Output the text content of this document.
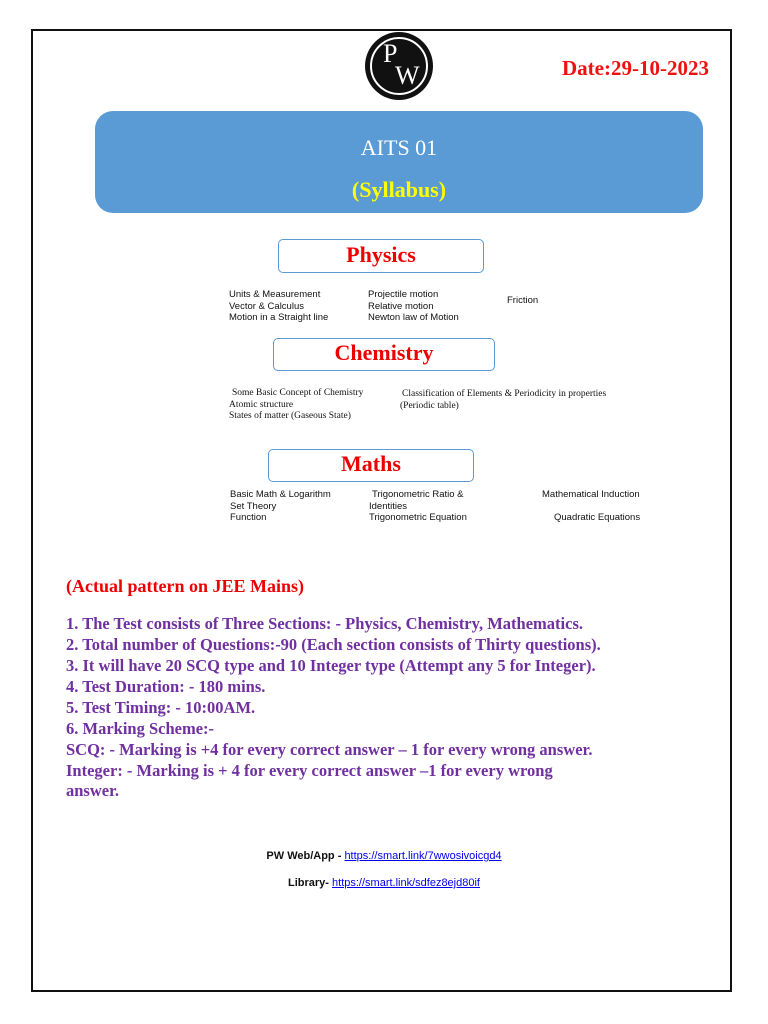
P
W	Date:29-10-2023
AITS 01
(Syllabus)
Physics
Units & Measurement
Vector & Calculus
Motion in a Straight line
Projectile motion
Relative motion
Newton law of Motion
Friction
Chemistry
Some Basic Concept of Chemistry
Atomic structure
States of matter (Gaseous State)
Classification of Elements & Periodicity in properties
(Periodic table)
Maths
Basic Math & Logarithm
Set Theory
Function
Trigonometric Ratio &
Identities
Trigonometric Equation
Mathematical Induction
Quadratic Equations
(Actual pattern on JEE Mains)
1. The Test consists of Three Sections: - Physics, Chemistry, Mathematics.
2. Total number of Questions:-90 (Each section consists of Thirty questions).
3. It will have 20 SCQ type and 10 Integer type (Attempt any 5 for Integer).
4. Test Duration: - 180 mins.
5. Test Timing: - 10:00AM.
6. Marking Scheme:-
SCQ: - Marking is +4 for every correct answer – 1 for every wrong answer.
Integer: - Marking is + 4 for every correct answer –1 for every wrong
answer.
PW Web/App - https://smart.link/7wwosivoicgd4
Library- https://smart.link/sdfez8ejd80if
